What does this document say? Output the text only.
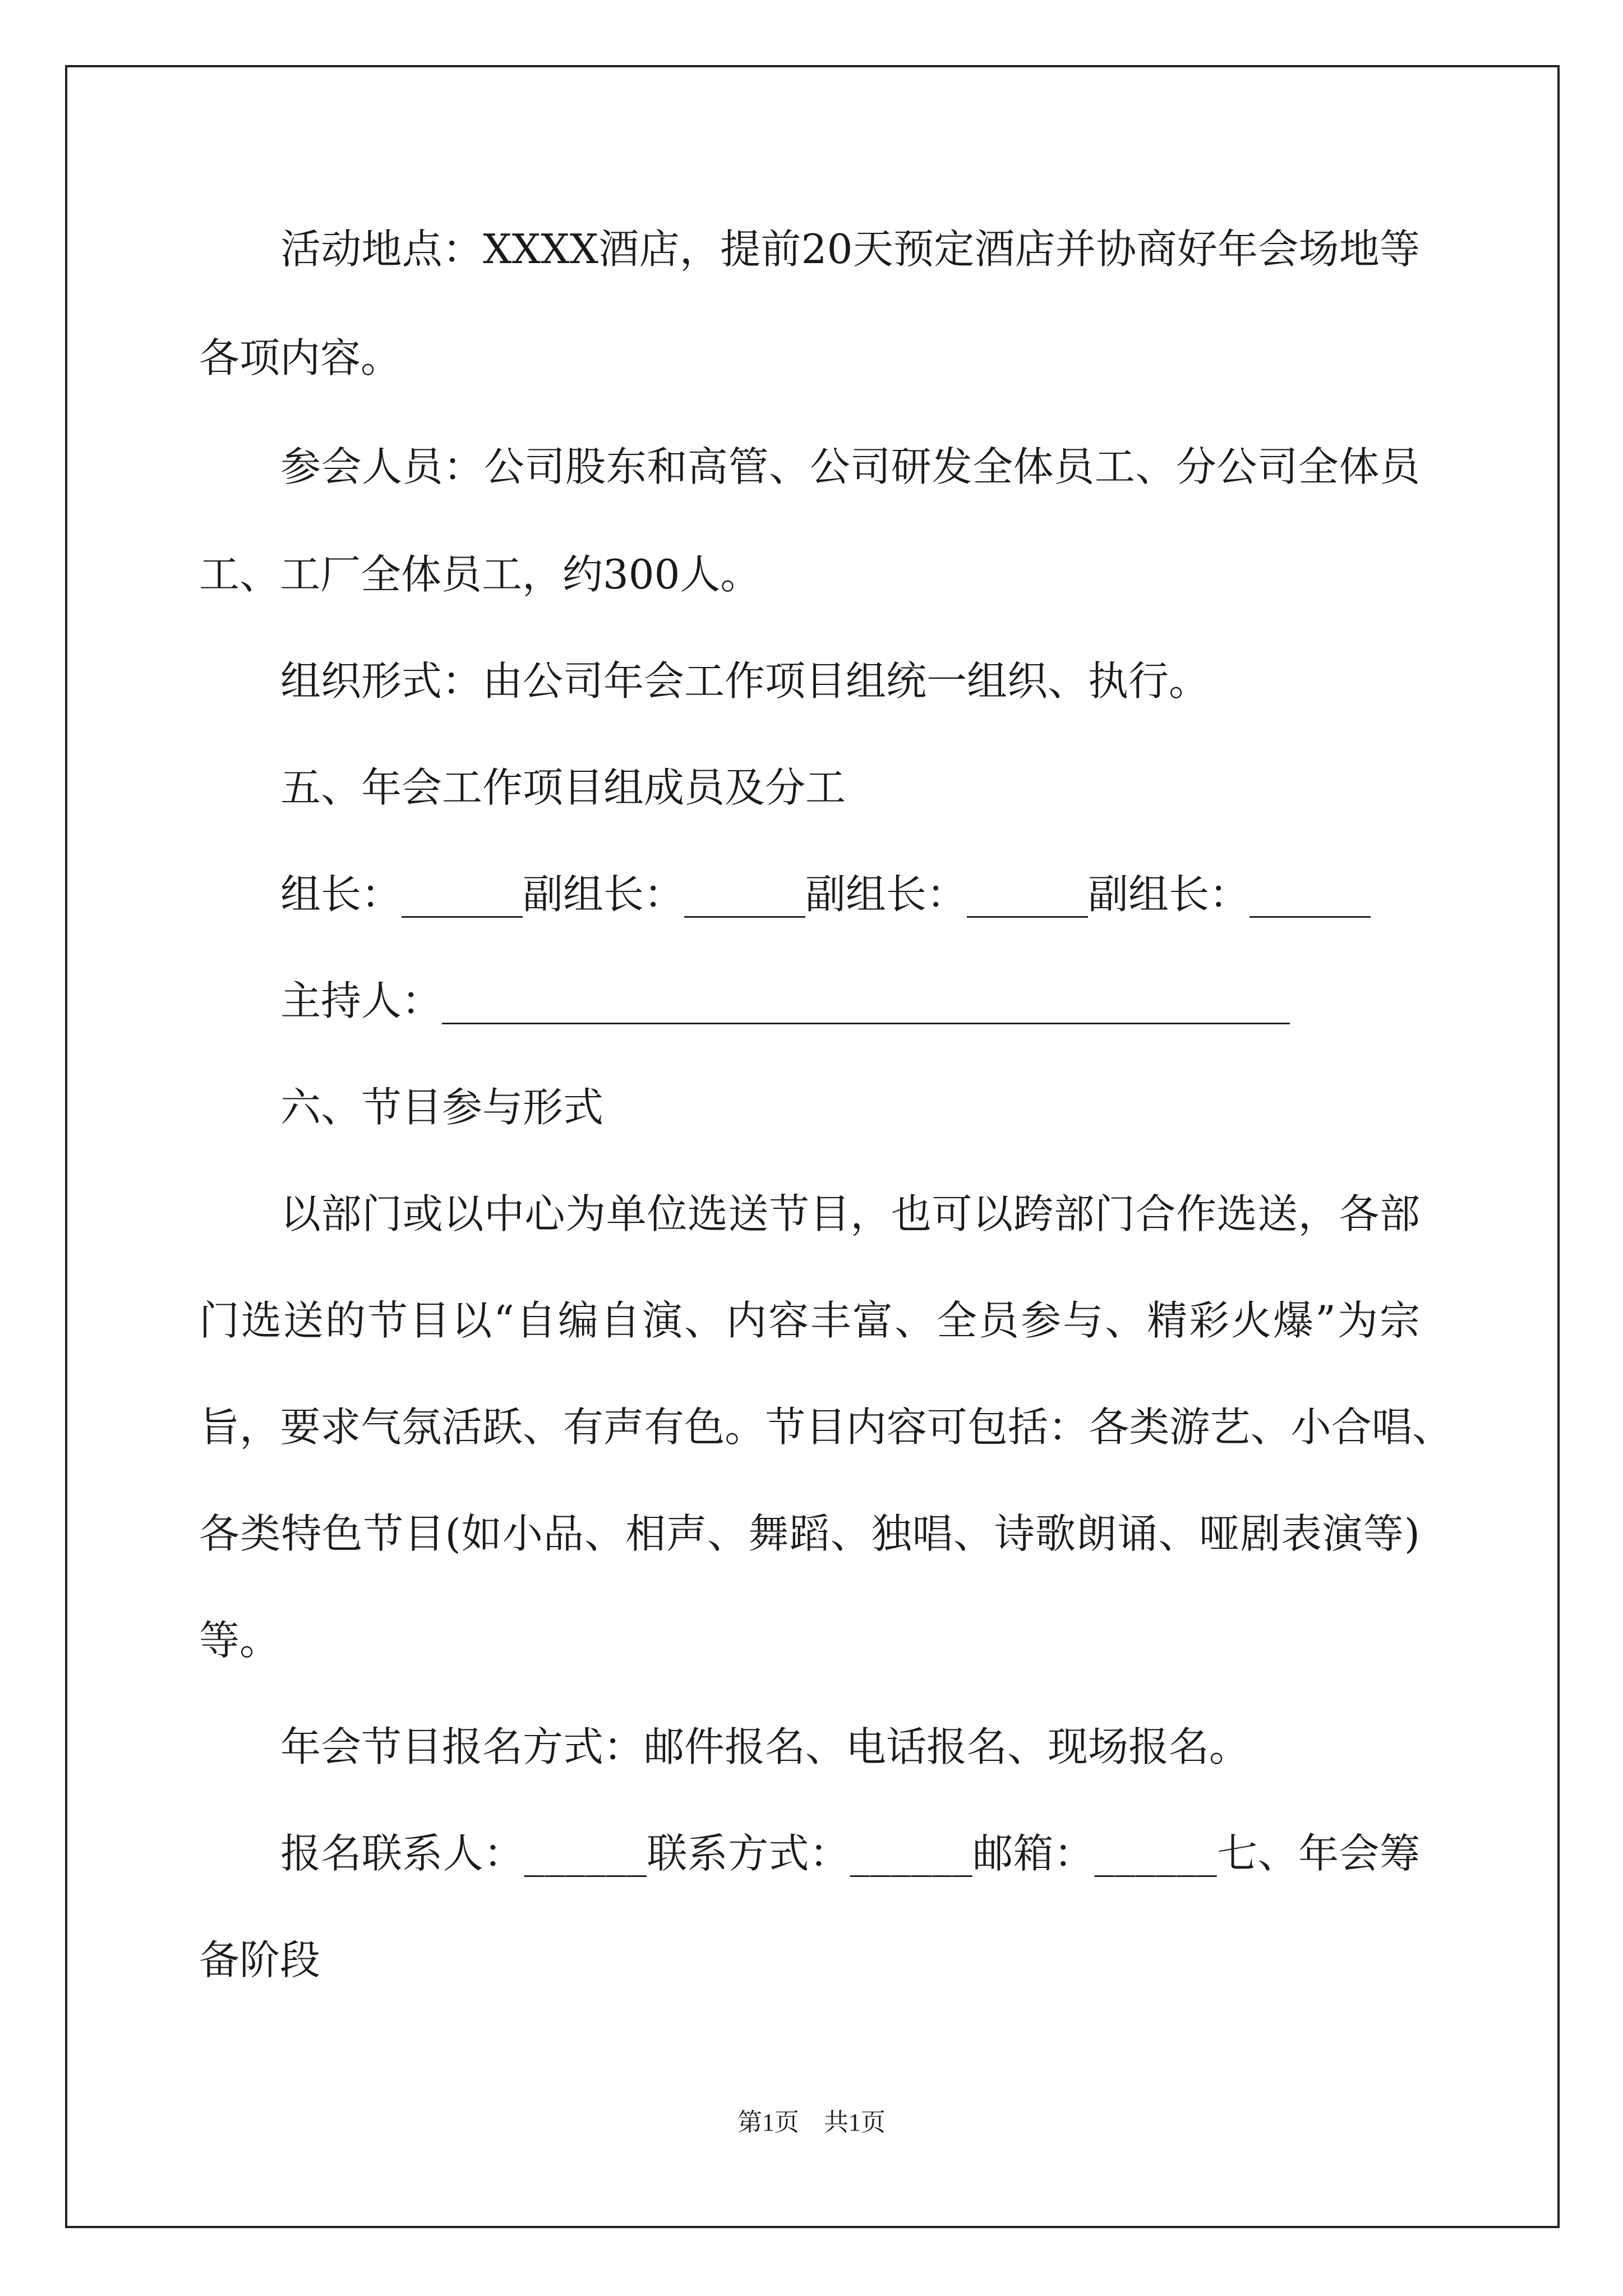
活动地点：XXXX酒店，提前20天预定酒店并协商好年会场地等
各项内容。
参会人员：公司股东和高管、公司研发全体员工、分公司全体员
工、工厂全体员工，约300人。
组织形式：由公司年会工作项目组统一组织、执行。
五、年会工作项目组成员及分工
组长：______副组长：______副组长：______副组长：______
主持人：__________________________________________
六、节目参与形式
以部门或以中心为单位选送节目，也可以跨部门合作选送，各部
门选送的节目以“自编自演、内容丰富、全员参与、精彩火爆”为宗
旨，要求气氛活跃、有声有色。节目内容可包括：各类游艺、小合唱、
各类特色节目(如小品、相声、舞蹈、独唱、诗歌朗诵、哑剧表演等)
等。
年会节目报名方式：邮件报名、电话报名、现场报名。
报名联系人：______联系方式：______邮箱：______七、年会筹
备阶段
第1页　共1页
